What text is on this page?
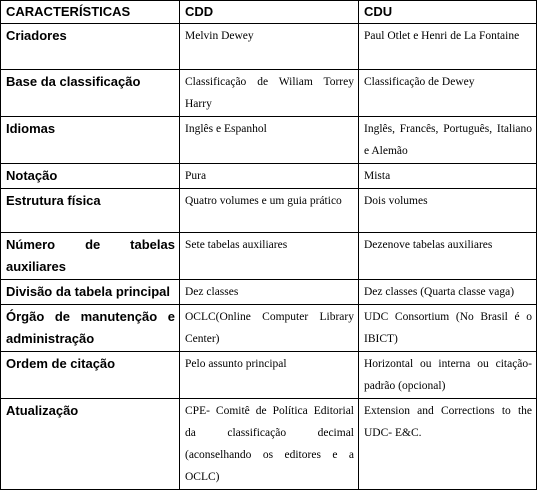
CARACTERÍSTICAS	CDD	CDU
Criadores	Melvin Dewey	Paul Otlet e Henri de La Fontaine
Base da classificação	Classificação de Wiliam Torrey Harry	Classificação de Dewey
Idiomas	Inglês e Espanhol	Inglês, Francês, Português, Italiano e Alemão
Notação	Pura	Mista
Estrutura física	Quatro volumes e um guia prático	Dois volumes
Número de tabelas auxiliares	Sete tabelas auxiliares	Dezenove tabelas auxiliares
Divisão da tabela principal	Dez classes	Dez classes (Quarta classe vaga)
Órgão de manutenção e administração	OCLC(Online Computer Library Center)	UDC Consortium (No Brasil é o IBICT)
Ordem de citação	Pelo assunto principal	Horizontal ou interna ou citação-padrão (opcional)
Atualização	CPE- Comitê de Política Editorial da classificação decimal (aconselhando os editores e a OCLC)	Extension and Corrections to the UDC- E&C.
